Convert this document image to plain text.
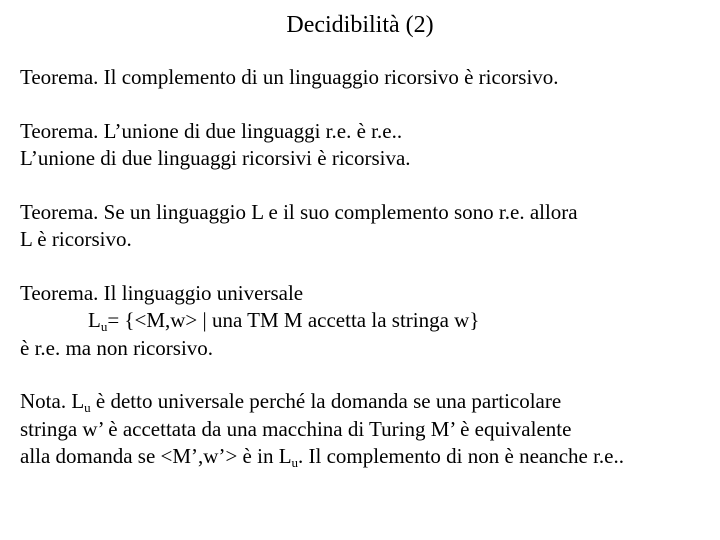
Decidibilità (2)

Teorema. Il complemento di un linguaggio ricorsivo è ricorsivo.

Teorema. L’unione di due linguaggi r.e. è r.e..
L’unione di due linguaggi ricorsivi è ricorsiva.

Teorema. Se un linguaggio L e il suo complemento sono r.e. allora
L è ricorsivo.

Teorema. Il linguaggio universale
$L_u= \{<M,w>$ | una TM M accetta la stringa w}
è r.e. ma non ricorsivo.

Nota. $L_u$ è detto universale perché la domanda se una particolare
stringa w’ è accettata da una macchina di Turing M’ è equivalente
alla domanda se <M’,w’> è in $L_u$. Il complemento di non è neanche r.e..
